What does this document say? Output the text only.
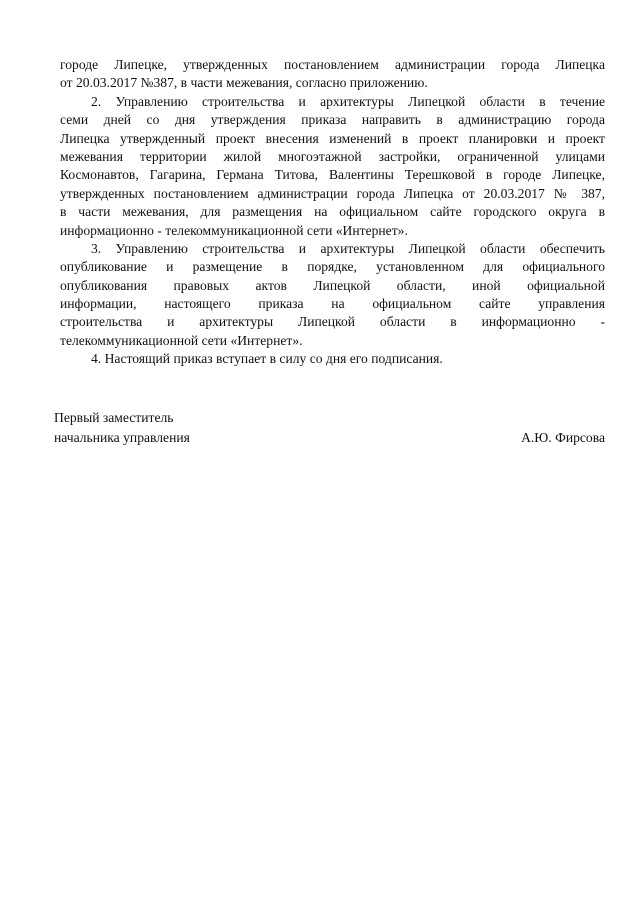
городе Липецке, утвержденных постановлением администрации города Липецка
от 20.03.2017 №387, в части межевания, согласно приложению.
2. Управлению строительства и архитектуры Липецкой области в течение
семи дней со дня утверждения приказа направить в администрацию города
Липецка утвержденный проект внесения изменений в проект планировки и проект
межевания территории жилой многоэтажной застройки, ограниченной улицами
Космонавтов, Гагарина, Германа Титова, Валентины Терешковой в городе Липецке,
утвержденных постановлением администрации города Липецка от 20.03.2017 № 387,
в части межевания, для размещения на официальном сайте городского округа в
информационно - телекоммуникационной сети «Интернет».
3. Управлению строительства и архитектуры Липецкой области обеспечить
опубликование и размещение в порядке, установленном для официального
опубликования правовых актов Липецкой области, иной официальной
информации, настоящего приказа на официальном сайте управления
строительства и архитектуры Липецкой области в информационно -
телекоммуникационной сети «Интернет».
4. Настоящий приказ вступает в силу со дня его подписания.
Первый заместитель
начальника управления	А.Ю. Фирсова
